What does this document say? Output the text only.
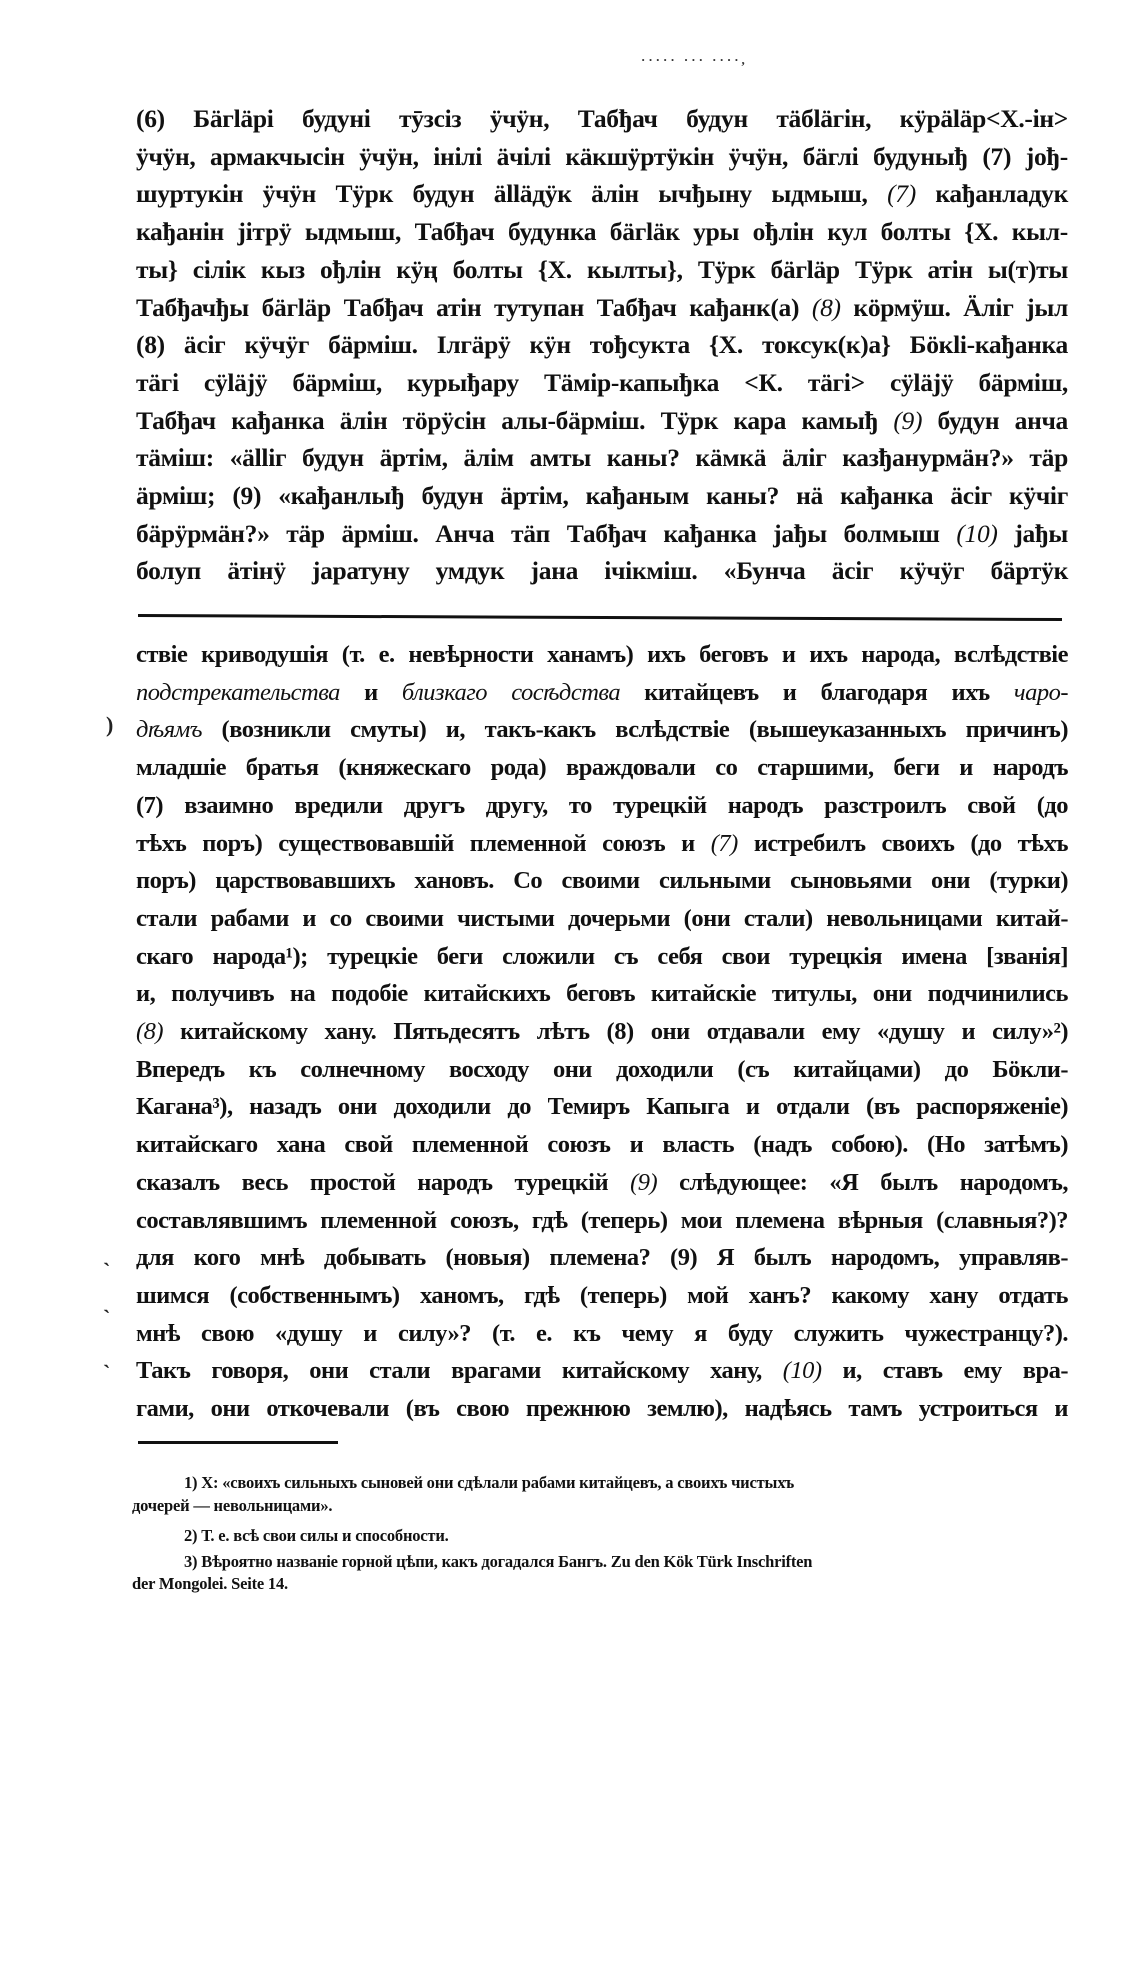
····· ··· ····,
(6) Бäгläрi будуні тӯзсiз ӱчӱн, Табђач будун тäбläгін, кӱрäläр<X.-ін>
ӱчӱн, армакчысін ӱчӱн, інілі äчілі кäкшӱртӱкін ӱчӱн, бäглі будуныђ (7) јођ-
шуртукін ӱчӱн Тӱрк будун älläдӱк äлін ычђыну ыдмыш, (7) кађанладук
кађанін јітрӱ ыдмыш, Табђач будунка бäгläк уры ођлін кул болты {X. кыл-
ты} сілік кыз ођлін кӱң болты {X. кылты}, Тӱрк бäгläр Тӱрк атін ы(т)ты
Табђачђы бäгläр Табђач атін тутупан Табђач кађанк(а) (8) кӧрмӱш. Äліг јыл
(8) äсіг кӱчӱг бäрміш. Ілгäрӱ кӱн тођсукта {X. токсук(к)а} Бӧкli-кађанка
тäгі сӱläјӱ бäрміш, курыђару Тäмір-капыђка <К. тäгі> сӱläјӱ бäрміш,
Табђач кађанка äлін тӧрӱсін алы-бäрміш. Тӱрк кара камыђ (9) будун анча
тäміш: «älliг будун äртім, äлім амты каны? кäмкä äліг казђанурмäн?» тäр
äрміш; (9) «кађанлыђ будун äртім, кађаным каны? нä кађанка äсіг кӱчіг
бäрӱрмäн?» тäр äрміш. Анча тäп Табђач кађанка јађы болмыш (10) јађы
болуп äтінӱ јаратуну умдук јана ічікміш. «Бунча äсіг кӱчӱг бäртӱк
ствiе криводушiя (т. е. невѣрности ханамъ) ихъ беговъ и ихъ народа, вслѣдствiе
подстрекательства и близкаго сосѣдства китайцевъ и благодаря ихъ чаро-
дѣямъ (возникли смуты) и, такъ-какъ вслѣдствiе (вышеуказанныхъ причинъ)
младшiе братья (княжескаго рода) враждовали со старшими, беги и народъ
(7) взаимно вредили другъ другу, то турецкiй народъ разстроилъ свой (до
тѣхъ поръ) существовавшiй племенной союзъ и (7) истребилъ своихъ (до тѣхъ
поръ) царствовавшихъ хановъ. Со своими сильными сыновьями они (турки)
стали рабами и со своими чистыми дочерьми (они стали) невольницами китай-
скаго народа¹); турецкiе беги сложили съ себя свои турецкiя имена [званiя]
и, получивъ на подобiе китайскихъ беговъ китайскiе титулы, они подчинились
(8) китайскому хану. Пятьдесятъ лѣтъ (8) они отдавали ему «душу и силу»²)
Впередъ къ солнечному восходу они доходили (съ китайцами) до Бöкли-
Кагана³), назадъ они доходили до Темиръ Капыга и отдали (въ распоряженiе)
китайскаго хана свой племенной союзъ и власть (надъ собою). (Но затѣмъ)
сказалъ весь простой народъ турецкiй (9) слѣдующее: «Я былъ народомъ,
составлявшимъ племенной союзъ, гдѣ (теперь) мои племена вѣрныя (славныя?)?
для кого мнѣ добывать (новыя) племена? (9) Я былъ народомъ, управляв-
шимся (собственнымъ) ханомъ, гдѣ (теперь) мой ханъ? какому хану отдать
мнѣ свою «душу и силу»? (т. е. къ чему я буду служить чужестранцу?).
Такъ говоря, они стали врагами китайскому хану, (10) и, ставъ ему вра-
гами, они откочевали (въ свою прежнюю землю), надѣясь тамъ устроиться и
)
`
`
`
1) X: «своихъ сильныхъ сыновей они сдѣлали рабами китайцевъ, а своихъ чистыхъ
дочерей — невольницами».
2) Т. е. всѣ свои силы и способности.
3) Вѣроятно названiе горной цѣпи, какъ догадался Бангъ. Zu den Kök Türk Inschriften
der Mongolei. Seite 14.
